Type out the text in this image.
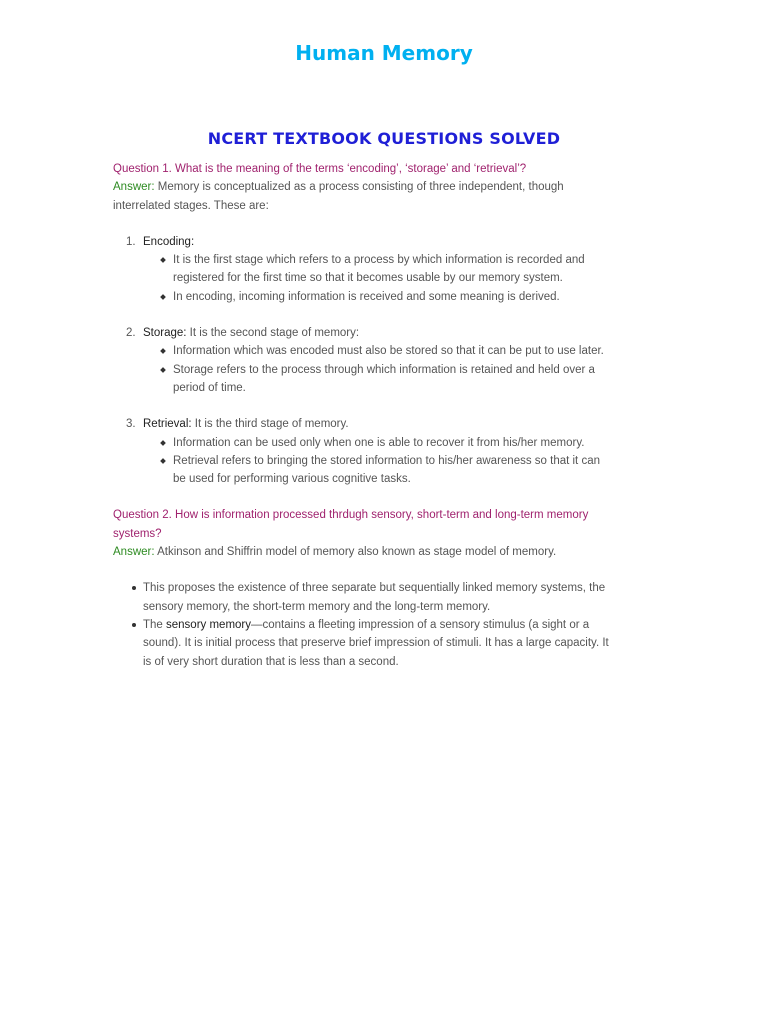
Human Memory
NCERT TEXTBOOK QUESTIONS SOLVED

Question 1. What is the meaning of the terms ‘encoding’, ‘storage’ and ‘retrieval’?

Answer: Memory is conceptualized as a process consisting of three independent, though interrelated stages. These are:

1. Encoding:
It is the first stage which refers to a process by which information is recorded and registered for the first time so that it becomes usable by our memory system.
In encoding, incoming information is received and some meaning is derived.
2. Storage: It is the second stage of memory:
Information which was encoded must also be stored so that it can be put to use later.
Storage refers to the process through which information is retained and held over a period of time.
3. Retrieval: It is the third stage of memory.
Information can be used only when one is able to recover it from his/her memory.
Retrieval refers to bringing the stored information to his/her awareness so that it can be used for performing various cognitive tasks.

Question 2. How is information processed thrdugh sensory, short-term and long-term memory systems?

Answer: Atkinson and Shiffrin model of memory also known as stage model of memory.

This proposes the existence of three separate but sequentially linked memory systems, the sensory memory, the short-term memory and the long-term memory.
The sensory memory—contains a fleeting impression of a sensory stimulus (a sight or a sound). It is initial process that preserve brief impression of stimuli. It has a large capacity. It is of very short duration that is less than a second.
